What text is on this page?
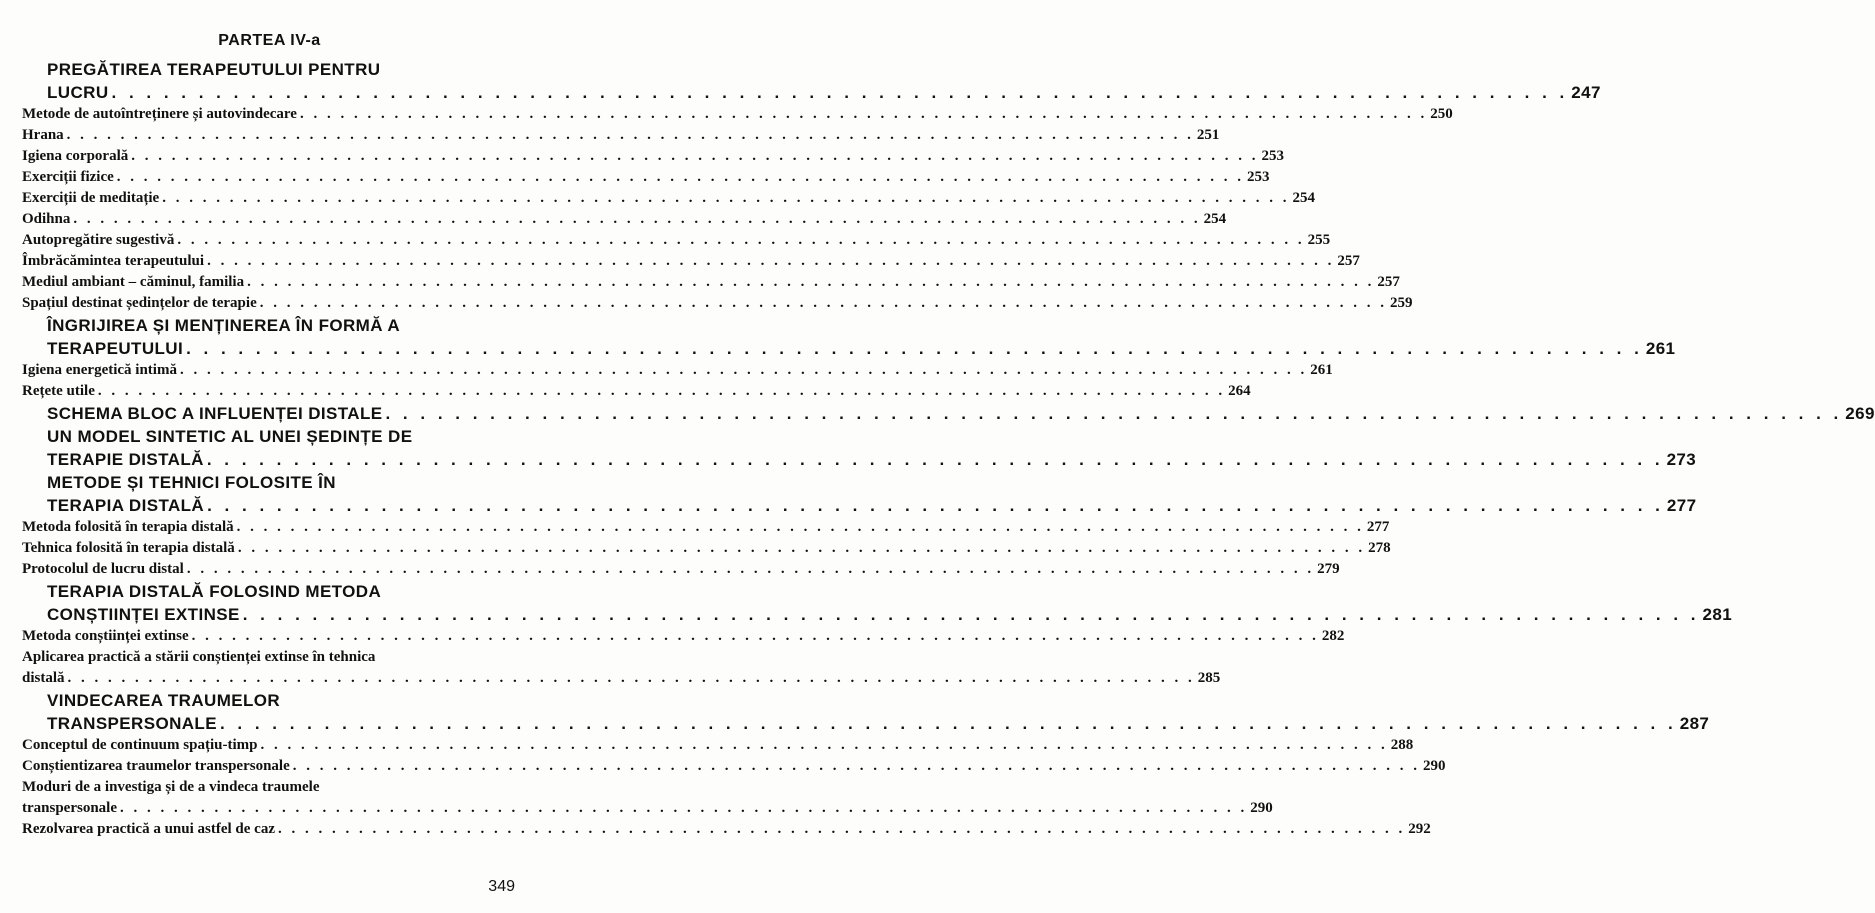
PARTEA IV-a
PREGĂTIREA TERAPEUTULUI PENTRU
LUCRU . . .	247
Metode de autoîntreținere și autovindecare . . .	250
Hrana . . .	251
Igiena corporală . . .	253
Exerciții fizice . . .	253
Exerciții de meditație . . .	254
Odihna . . .	254
Autopregătire sugestivă . . .	255
Îmbrăcămintea terapeutului . . .	257
Mediul ambiant – căminul, familia . . .	257
Spațiul destinat ședințelor de terapie . . .	259
ÎNGRIJIREA ȘI MENȚINEREA ÎN FORMĂ A
TERAPEUTULUI . . .	261
Igiena energetică intimă . . .	261
Rețete utile . . .	264
SCHEMA BLOC A INFLUENȚEI DISTALE . . .	269
UN MODEL SINTETIC AL UNEI ȘEDINȚE DE
TERAPIE DISTALĂ . . .	273
METODE ȘI TEHNICI FOLOSITE ÎN
TERAPIA DISTALĂ . . .	277
Metoda folosită în terapia distală . . .	277
Tehnica folosită în terapia distală . . .	278
Protocolul de lucru distal . . .	279
TERAPIA DISTALĂ FOLOSIND METODA
CONȘTIINȚEI EXTINSE . . .	281
Metoda conștiinței extinse . . .	282
Aplicarea practică a stării conștienței extinse în tehnica
distală . . .	285
VINDECAREA TRAUMELOR
TRANSPERSONALE . . .	287
Conceptul de continuum spațiu-timp . . .	288
Conștientizarea traumelor transpersonale . . .	290
Moduri de a investiga și de a vindeca traumele
transpersonale . . .	290
Rezolvarea practică a unui astfel de caz . . .	292
349
